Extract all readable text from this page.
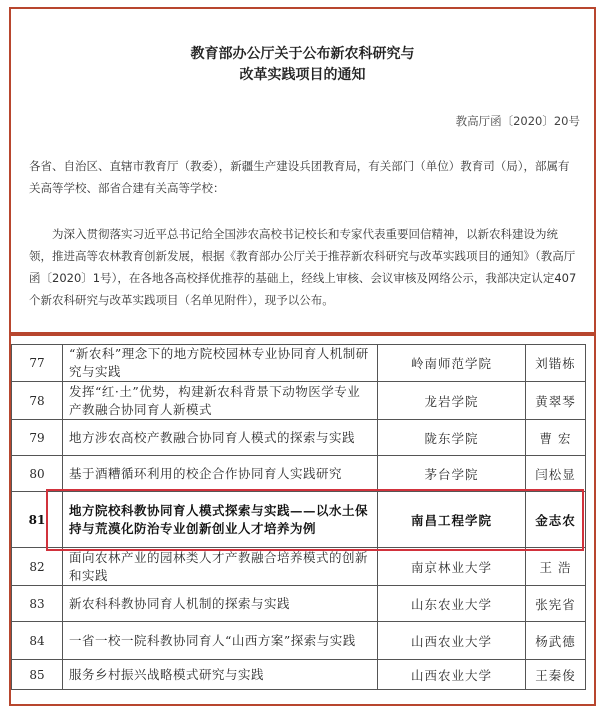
教育部办公厅关于公布新农科研究与
改革实践项目的通知
教高厅函〔2020〕20号
各省、自治区、直辖市教育厅（教委），新疆生产建设兵团教育局，有关部门（单位）教育司（局），部属有关高等学校、部省合建有关高等学校：
为深入贯彻落实习近平总书记给全国涉农高校书记校长和专家代表重要回信精神，以新农科建设为统领，推进高等农林教育创新发展，根据《教育部办公厅关于推荐新农科研究与改革实践项目的通知》（教高厅函〔2020〕1号），在各地各高校择优推荐的基础上，经线上审核、会议审核及网络公示，我部决定认定407个新农科研究与改革实践项目（名单见附件），现予以公布。
77	“新农科”理念下的地方院校园林专业协同育人机制研究与实践	岭南师范学院	刘锴栋
78	发挥“红·土”优势，构建新农科背景下动物医学专业产教融合协同育人新模式	龙岩学院	黄翠琴
79	地方涉农高校产教融合协同育人模式的探索与实践	陇东学院	曹 宏
80	基于酒糟循环利用的校企合作协同育人实践研究	茅台学院	闫松显
81	地方院校科教协同育人模式探索与实践——以水土保持与荒漠化防治专业创新创业人才培养为例	南昌工程学院	金志农
82	面向农林产业的园林类人才产教融合培养模式的创新和实践	南京林业大学	王 浩
83	新农科科教协同育人机制的探索与实践	山东农业大学	张宪省
84	一省一校一院科教协同育人“山西方案”探索与实践	山西农业大学	杨武德
85	服务乡村振兴战略模式研究与实践	山西农业大学	王秦俊
